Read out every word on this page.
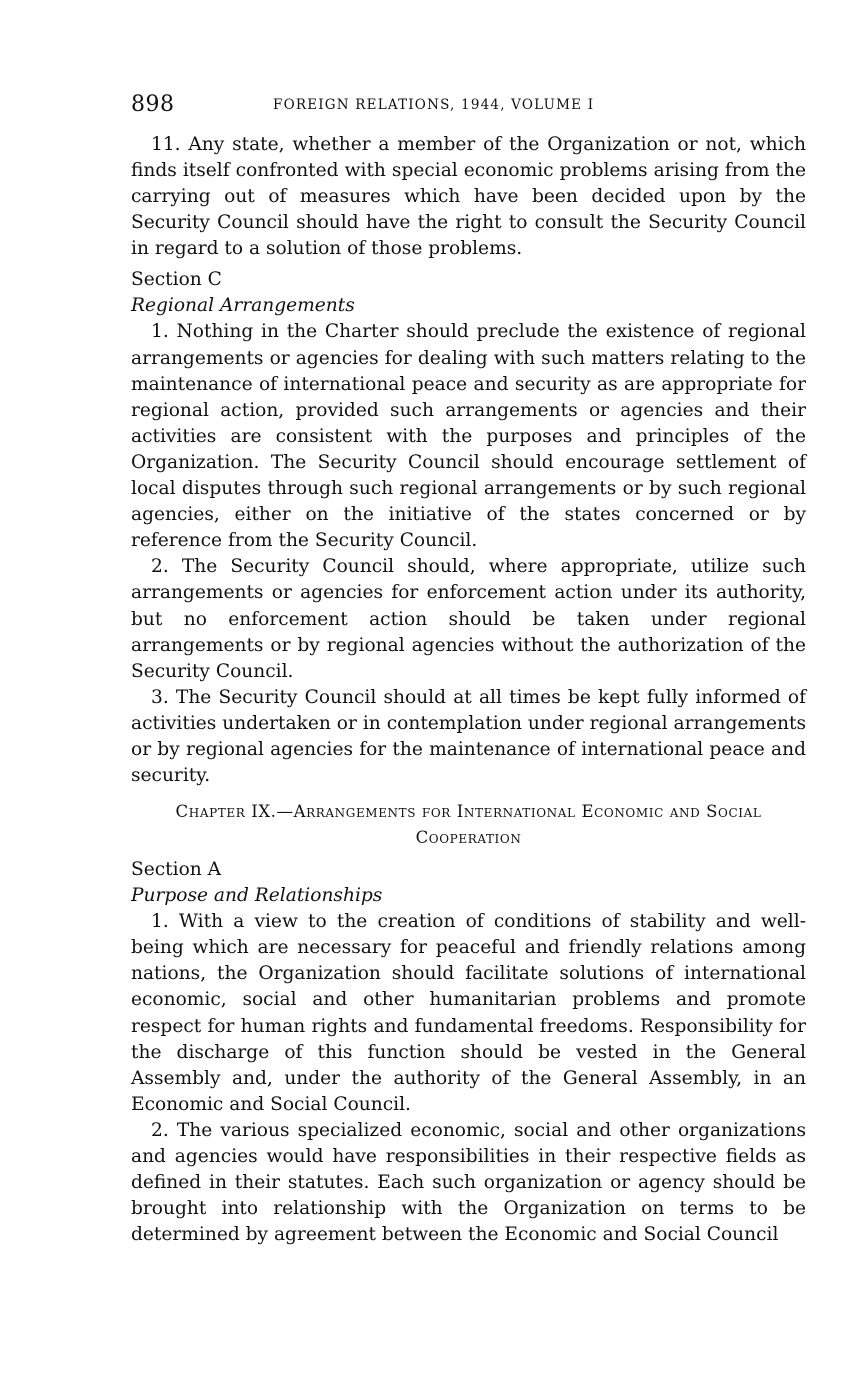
898	FOREIGN RELATIONS, 1944, VOLUME I

11. Any state, whether a member of the Organization or not, which finds itself confronted with special economic problems arising from the carrying out of measures which have been decided upon by the Security Council should have the right to consult the Security Council in regard to a solution of those problems.

Section C
Regional Arrangements

1. Nothing in the Charter should preclude the existence of regional arrangements or agencies for dealing with such matters relating to the maintenance of international peace and security as are appropriate for regional action, provided such arrangements or agencies and their activities are consistent with the purposes and principles of the Organization. The Security Council should encourage settlement of local disputes through such regional arrangements or by such regional agencies, either on the initiative of the states concerned or by reference from the Security Council.

2. The Security Council should, where appropriate, utilize such arrangements or agencies for enforcement action under its authority, but no enforcement action should be taken under regional arrangements or by regional agencies without the authorization of the Security Council.

3. The Security Council should at all times be kept fully informed of activities undertaken or in contemplation under regional arrangements or by regional agencies for the maintenance of international peace and security.

Chapter IX.—Arrangements for International Economic and Social Cooperation
Section A
Purpose and Relationships

1. With a view to the creation of conditions of stability and well-being which are necessary for peaceful and friendly relations among nations, the Organization should facilitate solutions of international economic, social and other humanitarian problems and promote respect for human rights and fundamental freedoms. Responsibility for the discharge of this function should be vested in the General Assembly and, under the authority of the General Assembly, in an Economic and Social Council.

2. The various specialized economic, social and other organizations and agencies would have responsibilities in their respective fields as defined in their statutes. Each such organization or agency should be brought into relationship with the Organization on terms to be determined by agreement between the Economic and Social Council
